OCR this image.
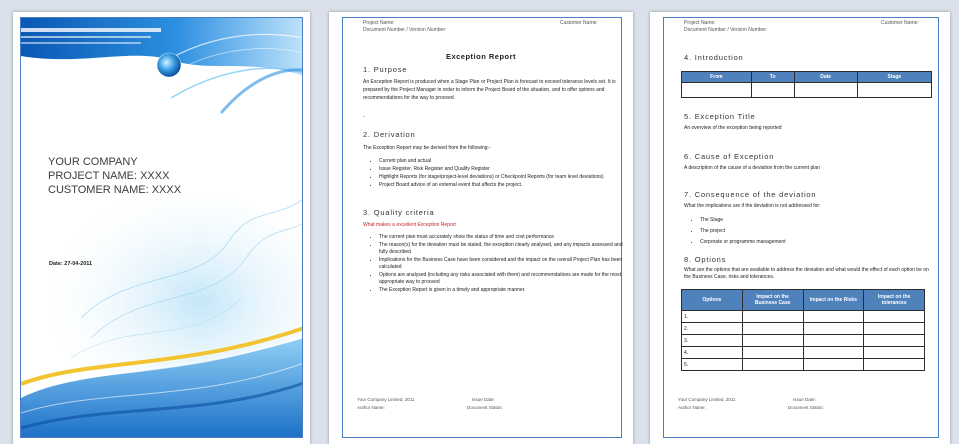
YOUR COMPANY
PROJECT NAME: XXXX
CUSTOMER NAME: XXXX
Date: 27-04-2011
Project Name:
Document Number / Version Number:
Customer Name:
Exception Report
1. Purpose
An Exception Report is produced when a Stage Plan or Project Plan is forecast to exceed tolerance levels set. It is prepared by the Project Manager in order to inform the Project Board of the situation, and to offer options and recommendations for the way to proceed.
-
2. Derivation
The Exception Report may be derived from the following:-
• Current plan and actual
• Issue Register, Risk Register and Quality Register
• Highlight Reports (for stage/project-level deviations) or Checkpoint Reports (for team level deviations)
• Project Board advice of an external event that affects the project.
3. Quality criteria
What makes a excellent Exception Report
• The current plan must accurately show the status of time and cost performance
• The reason(s) for the deviation must be stated, the exception clearly analysed, and any impacts assessed and fully described
• Implications for the Business Case have been considered and the impact on the overall Project Plan has been calculated
• Options are analysed (including any risks associated with them) and recommendations are made for the most appropriate way to proceed
• The Exception Report is given in a timely and appropriate manner.
Your Company Limited, 2011	Issue Date:
Author Name:	Document Status:
Project Name:
Document Number / Version Number:
Customer Name:
4. Introduction
From	To	Date	Stage

5. Exception Title
An overview of the exception being reported
6. Cause of Exception
A description of the cause of a deviation from the current plan
7. Consequence of the deviation
What the implications are if the deviation is not addressed for:
• The Stage
• The project
• Corporate or programme management
8. Options
What are the options that are available to address the deviation and what would the effect of each option be on the Business Case, risks and tolerances.
Options	Impact on the Business Case	Impact on the Risks	Impact on the tolerances
1.			
2.			
3.			
4.			
5.			
Your Company Limited, 2011	Issue Date:
Author Name:	Document Status:
